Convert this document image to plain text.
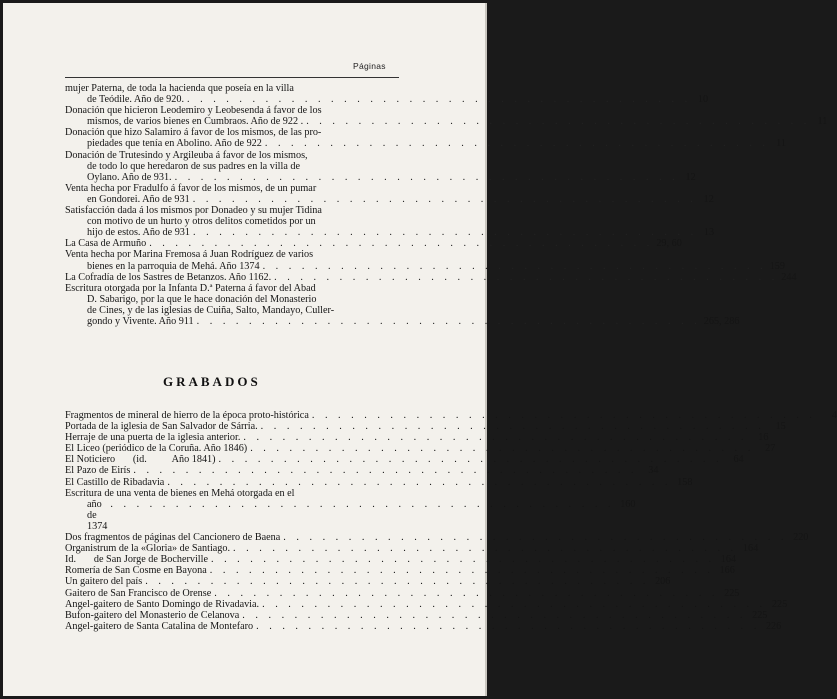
Páginas
mujer Paterna, de toda la hacienda que poseía en la villa
de Teódile. Año de 920. . . . . . . . . . . . . . . . . . . . . . . . . . . . . . . . . . . . . . . . 10
Donación que hicieron Leodemiro y Leobesenda á favor de los
mismos, de varios bienes en Cumbraos. Año de 922 . . . . . . . . . . . . . . . . . . . . . . . . . . . . . . . . . . . . . . . . 11
Donación que hizo Salamiro á favor de los mismos, de las pro-
piedades que tenía en Abolino. Año de 922 . . . . . . . . . . . . . . . . . . . . . . . . . . . . . . . . . . . . . . . 11
Donación de Trutesindo y Argileuba á favor de los mismos,
de todo lo que heredaron de sus padres en la villa de
Oylano. Año de 931. . . . . . . . . . . . . . . . . . . . . . . . . . . . . . . . . . . . . . . . 12
Venta hecha por Fradulfo á favor de los mismos, de un pumar
en Gondorei. Año de 931 . . . . . . . . . . . . . . . . . . . . . . . . . . . . . . . . . . . . . . . 12
Satisfacción dada á los mismos por Donadeo y su mujer Tidina
con motivo de un hurto y otros delitos cometidos por un
hijo de estos. Año de 931 . . . . . . . . . . . . . . . . . . . . . . . . . . . . . . . . . . . . . . . 13
La Casa de Armuño . . . . . . . . . . . . . . . . . . . . . . . . . . . . . . . . . . . . . . . 29, 60
Venta hecha por Marina Fremosa á Juan Rodríguez de varios
bienes en la parroquia de Mehá. Año 1374 . . . . . . . . . . . . . . . . . . . . . . . . . . . . . . . . . . . . . . . 159
La Cofradía de los Sastres de Betanzos. Año 1162. . . . . . . . . . . . . . . . . . . . . . . . . . . . . . . . . . . . . . . . 244
Escritura otorgada por la Infanta D.ª Paterna á favor del Abad
D. Sabarigo, por la que le hace donación del Monasterio
de Cines, y de las iglesias de Cuiña, Salto, Mandayo, Culler-
gondo y Vivente. Año 911 . . . . . . . . . . . . . . . . . . . . . . . . . . . . . . . . . . . . . . . 265, 286
GRABADOS
Fragmentos de mineral de hierro de la época proto-histórica . . . . . . . . . . . . . . . . . . . . . . . . . . . . . . . . . . . . . . .	4
Portada de la iglesia de San Salvador de Sárria. . . . . . . . . . . . . . . . . . . . . . . . . . . . . . . . . . . . . . . .	15
Herraje de una puerta de la iglesia anterior. . . . . . . . . . . . . . . . . . . . . . . . . . . . . . . . . . . . . . . .	16
El Liceo (periódico de la Coruña. Año 1846) . . . . . . . . . . . . . . . . . . . . . . . . . . . . . . . . . . . . . . .	27
El Noticiero       (id.          Año 1841) . . . . . . . . . . . . . . . . . . . . . . . . . . . . . . . . . . . . . . .	64
El Pazo de Eirís . . . . . . . . . . . . . . . . . . . . . . . . . . . . . . . . . . . . . . .	34
El Castillo de Ribadavia . . . . . . . . . . . . . . . . . . . . . . . . . . . . . . . . . . . . . . . 158
Escritura de una venta de bienes en Mehá otorgada en el
año de 1374
. . . . . . . . . . . . . . . . . . . . . . . . . . . . . . . . . . . . . . . 160
Dos fragmentos de páginas del Cancionero de Baena . . . . . . . . . . . . . . . . . . . . . . . . . . . . . . . . . . . . . . . 220
Organistrum de la «Gloria» de Santiago. . . . . . . . . . . . . . . . . . . . . . . . . . . . . . . . . . . . . . . . 164
Id.       de San Jorge de Bocherville . . . . . . . . . . . . . . . . . . . . . . . . . . . . . . . . . . . . . . . 164
Romería de San Cosme en Bayona . . . . . . . . . . . . . . . . . . . . . . . . . . . . . . . . . . . . . . . 166
Un gaitero del país . . . . . . . . . . . . . . . . . . . . . . . . . . . . . . . . . . . . . . . 206
Gaitero de San Francisco de Orense . . . . . . . . . . . . . . . . . . . . . . . . . . . . . . . . . . . . . . . 225
Angel-gaitero de Santo Domingo de Rivadavia. . . . . . . . . . . . . . . . . . . . . . . . . . . . . . . . . . . . . . . . 225
Bufon-gaitero del Monasterio de Celanova . . . . . . . . . . . . . . . . . . . . . . . . . . . . . . . . . . . . . . . 225
Angel-gaitero de Santa Catalina de Montefaro . . . . . . . . . . . . . . . . . . . . . . . . . . . . . . . . . . . . . . . 226
